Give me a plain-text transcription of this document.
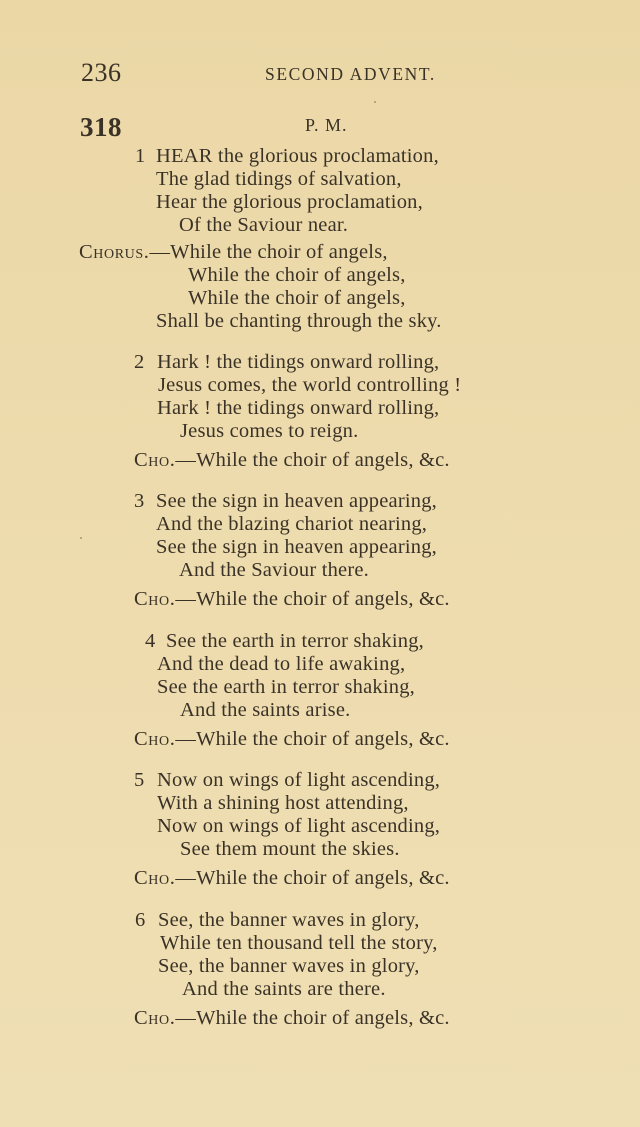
236	SECOND ADVENT.
318	P. M.
1 HEAR the glorious proclamation,
The glad tidings of salvation,
Hear the glorious proclamation,
Of the Saviour near.
Chorus.—While the choir of angels,
While the choir of angels,
While the choir of angels,
Shall be chanting through the sky.
2 Hark ! the tidings onward rolling,
Jesus comes, the world controlling !
Hark ! the tidings onward rolling,
Jesus comes to reign.
Cho.—While the choir of angels, &c.
3 See the sign in heaven appearing,
And the blazing chariot nearing,
See the sign in heaven appearing,
And the Saviour there.
Cho.—While the choir of angels, &c.
4 See the earth in terror shaking,
And the dead to life awaking,
See the earth in terror shaking,
And the saints arise.
Cho.—While the choir of angels, &c.
5 Now on wings of light ascending,
With a shining host attending,
Now on wings of light ascending,
See them mount the skies.
Cho.—While the choir of angels, &c.
6 See, the banner waves in glory,
While ten thousand tell the story,
See, the banner waves in glory,
And the saints are there.
Cho.—While the choir of angels, &c.
